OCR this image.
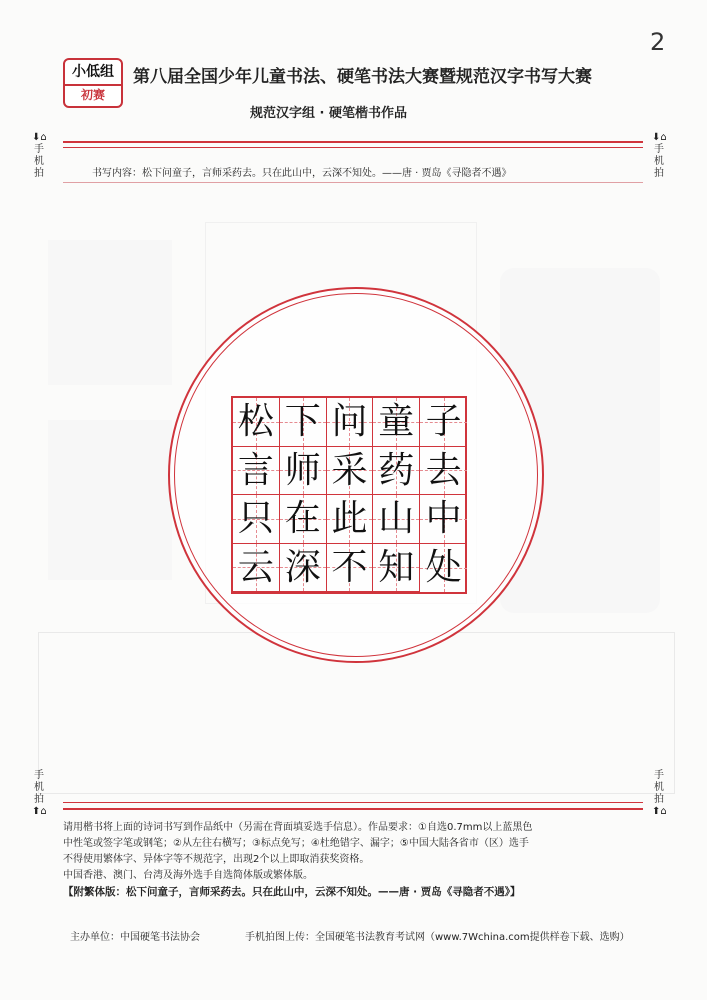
2
小低组
初赛
第八届全国少年儿童书法、硬笔书法大赛暨规范汉字书写大赛
规范汉字组 · 硬笔楷书作品
⬇⌂
手机拍
⬇⌂
手机拍
书写内容：松下问童子，言师采药去。只在此山中，云深不知处。——唐 · 贾岛《寻隐者不遇》
松
言
只
云
下
师
在
深
问
采
此
不
童
药
山
知
子
去
中
处
手机拍
⬆⌂
手机拍
⬆⌂
请用楷书将上面的诗词书写到作品纸中（另需在背面填妥选手信息）。作品要求：①自选0.7mm以上蓝黑色
中性笔或签字笔或钢笔；②从左往右横写；③标点免写；④杜绝错字、漏字；⑤中国大陆各省市（区）选手
不得使用繁体字、异体字等不规范字，出现2个以上即取消获奖资格。
中国香港、澳门、台湾及海外选手自选简体版或繁体版。
【附繁体版：松下问童子，言师采药去。只在此山中，云深不知处。——唐 · 贾岛《寻隐者不遇》】
主办单位：中国硬笔书法协会	手机拍图上传：全国硬笔书法教育考试网（www.7Wchina.com提供样卷下载、选购）
